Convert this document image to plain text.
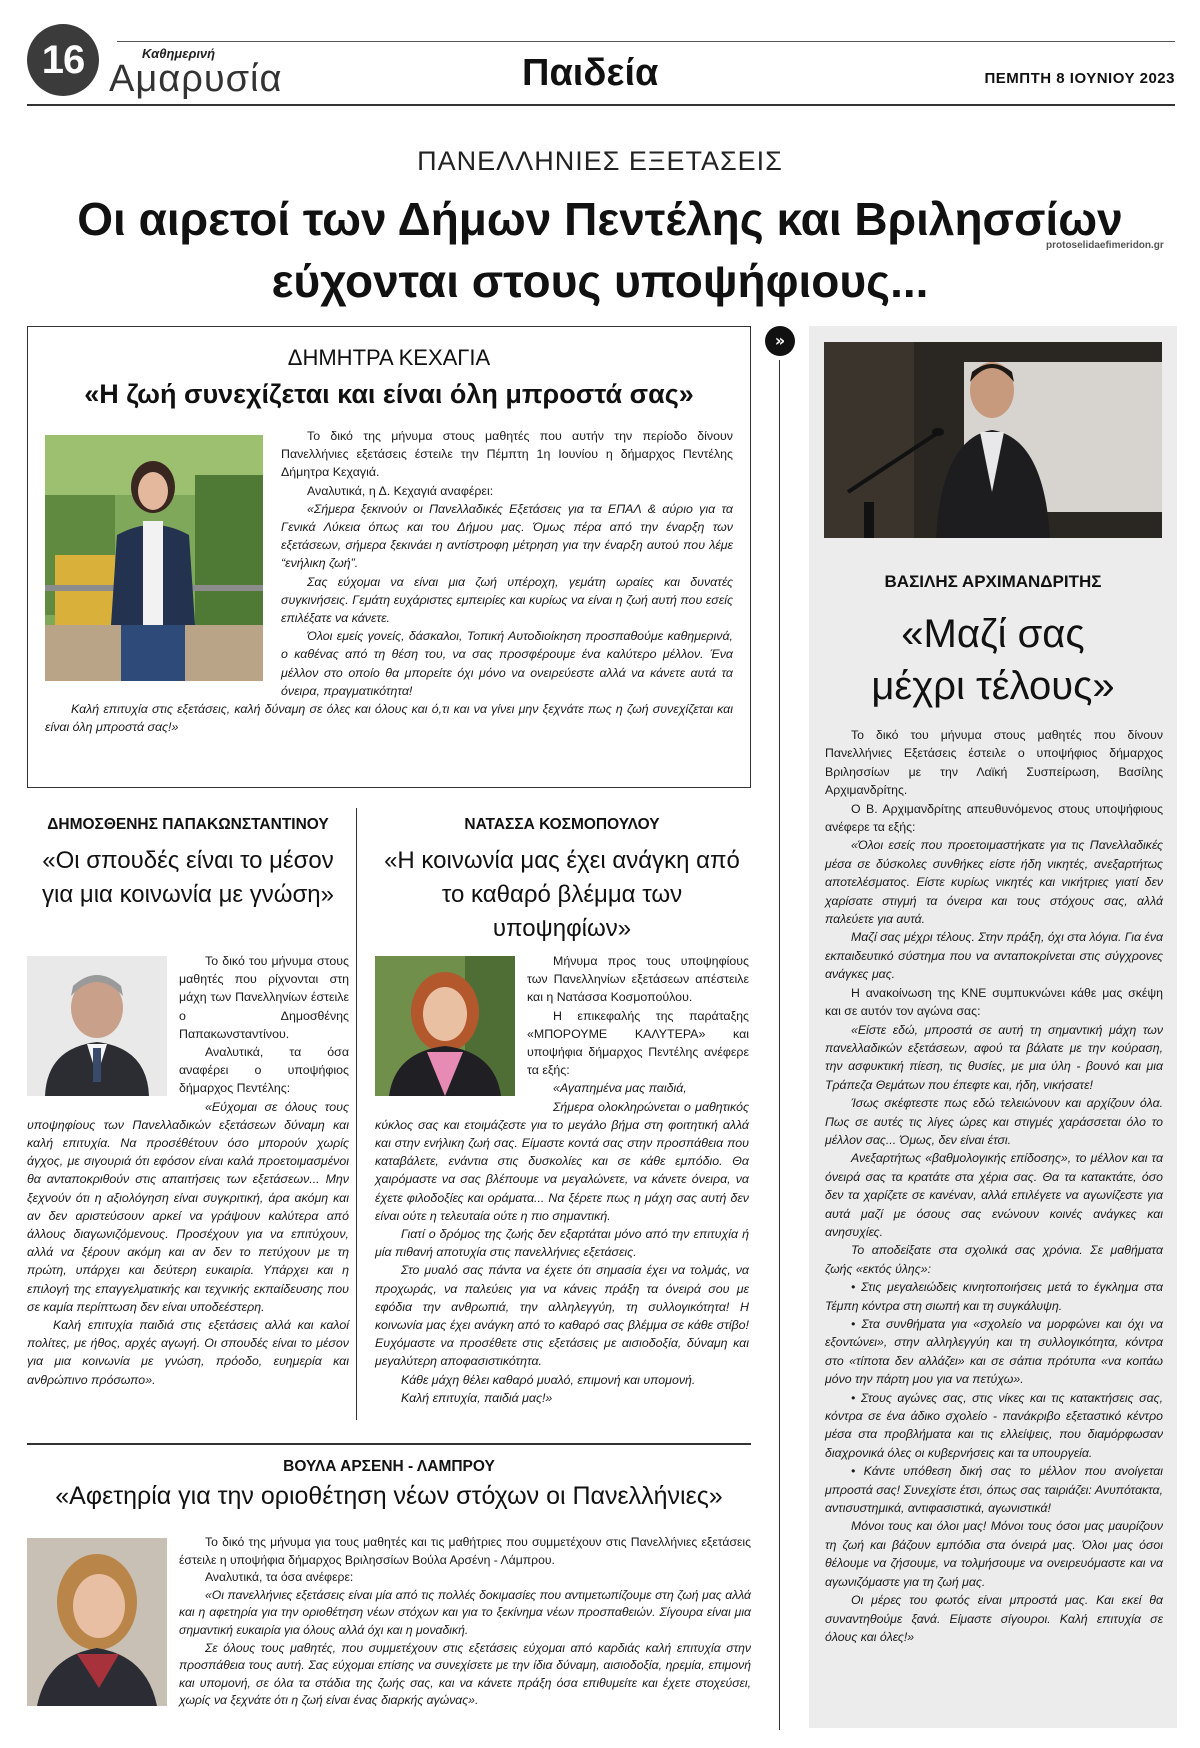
16	Καθημερινή
Αμαρυσία	Παιδεία	ΠΕΜΠΤΗ 8 ΙΟΥΝΙΟΥ 2023
ΠΑΝΕΛΛΗΝΙΕΣ ΕΞΕΤΑΣΕΙΣ
Οι αιρετοί των Δήμων Πεντέλης και Βριλησσίων
εύχονται στους υποψήφιους...
protoselidaefimeridon.gr
ΔΗΜΗΤΡΑ ΚΕΧΑΓΙΑ
«Η ζωή συνεχίζεται και είναι όλη μπροστά σας»

Το δικό της μήνυμα στους μαθητές που αυτήν την περίοδο δίνουν Πανελλήνιες εξετάσεις έστειλε την Πέμπτη 1η Ιουνίου η δήμαρχος Πεντέλης Δήμητρα Κεχαγιά.

Αναλυτικά, η Δ. Κεχαγιά αναφέρει:

«Σήμερα ξεκινούν οι Πανελλαδικές Εξετάσεις για τα ΕΠΑΛ & αύριο για τα Γενικά Λύκεια όπως και του Δήμου μας. Όμως πέρα από την έναρξη των εξετάσεων, σήμερα ξεκινάει η αντίστροφη μέτρηση για την έναρξη αυτού που λέμε “ενήλικη ζωή”.

Σας εύχομαι να είναι μια ζωή υπέροχη, γεμάτη ωραίες και δυνατές συγκινήσεις. Γεμάτη ευχάριστες εμπειρίες και κυρίως να είναι η ζωή αυτή που εσείς επιλέξατε να κάνετε.

Όλοι εμείς γονείς, δάσκαλοι, Τοπική Αυτοδιοίκηση προσπαθούμε καθημερινά, ο καθένας από τη θέση του, να σας προσφέρουμε ένα καλύτερο μέλλον. Ένα μέλλον στο οποίο θα μπορείτε όχι μόνο να ονειρεύεστε αλλά να κάνετε αυτά τα όνειρα, πραγματικότητα!

Καλή επιτυχία στις εξετάσεις, καλή δύναμη σε όλες και όλους και ό,τι και να γίνει μην ξεχνάτε πως η ζωή συνεχίζεται και είναι όλη μπροστά σας!»

ΔΗΜΟΣΘΕΝΗΣ ΠΑΠΑΚΩΝΣΤΑΝΤΙΝΟΥ
«Οι σπουδές είναι το μέσον για μια κοινωνία με γνώση»

Το δικό του μήνυμα στους μαθητές που ρίχνονται στη μάχη των Πανελληνίων έστειλε ο Δημοσθένης Παπακωνσταντίνου.

Αναλυτικά, τα όσα αναφέρει ο υποψήφιος δήμαρχος Πεντέλης:

«Εύχομαι σε όλους τους υποψηφίους των Πανελλαδικών εξετάσεων δύναμη και καλή επιτυχία. Να προσέθέτουν όσο μπορούν χωρίς άγχος, με σιγουριά ότι εφόσον είναι καλά προετοιμασμένοι θα ανταποκριθούν στις απαιτήσεις των εξετάσεων... Μην ξεχνούν ότι η αξιολόγηση είναι συγκριτική, άρα ακόμη και αν δεν αριστεύσουν αρκεί να γράψουν καλύτερα από άλλους διαγωνιζόμενους. Προσέχουν για να επιτύχουν, αλλά να ξέρουν ακόμη και αν δεν το πετύχουν με τη πρώτη, υπάρχει και δεύτερη ευκαιρία. Υπάρχει και η επιλογή της επαγγελματικής και τεχνικής εκπαίδευσης που σε καμία περίπτωση δεν είναι υποδεέστερη.

Καλή επιτυχία παιδιά στις εξετάσεις αλλά και καλοί πολίτες, με ήθος, αρχές αγωγή. Οι σπουδές είναι το μέσον για μια κοινωνία με γνώση, πρόοδο, ευημερία και ανθρώπινο πρόσωπο».

ΝΑΤΑΣΣΑ ΚΟΣΜΟΠΟΥΛΟΥ
«Η κοινωνία μας έχει ανάγκη από το καθαρό βλέμμα των υποψηφίων»

Μήνυμα προς τους υποψηφίους των Πανελληνίων εξετάσεων απέστειλε και η Νατάσσα Κοσμοπούλου.

Η επικεφαλής της παράταξης «ΜΠΟΡΟΥΜΕ ΚΑΛΥΤΕΡΑ» και υποψήφια δήμαρχος Πεντέλης ανέφερε τα εξής:

«Αγαπημένα μας παιδιά,

Σήμερα ολοκληρώνεται ο μαθητικός κύκλος σας και ετοιμάζεστε για το μεγάλο βήμα στη φοιτητική αλλά και στην ενήλικη ζωή σας. Είμαστε κοντά σας στην προσπάθεια που καταβάλετε, ενάντια στις δυσκολίες και σε κάθε εμπόδιο. Θα χαιρόμαστε να σας βλέπουμε να μεγαλώνετε, να κάνετε όνειρα, να έχετε φιλοδοξίες και οράματα... Να ξέρετε πως η μάχη σας αυτή δεν είναι ούτε η τελευταία ούτε η πιο σημαντική.

Γιατί ο δρόμος της ζωής δεν εξαρτάται μόνο από την επιτυχία ή μία πιθανή αποτυχία στις πανελλήνιες εξετάσεις.

Στο μυαλό σας πάντα να έχετε ότι σημασία έχει να τολμάς, να προχωράς, να παλεύεις για να κάνεις πράξη τα όνειρά σου με εφόδια την ανθρωπιά, την αλληλεγγύη, τη συλλογικότητα! Η κοινωνία μας έχει ανάγκη από το καθαρό σας βλέμμα σε κάθε στίβο! Ευχόμαστε να προσέθετε στις εξετάσεις με αισιοδοξία, δύναμη και μεγαλύτερη αποφασιστικότητα.

Κάθε μάχη θέλει καθαρό μυαλό, επιμονή και υπομονή.

Καλή επιτυχία, παιδιά μας!»

ΒΟΥΛΑ ΑΡΣΕΝΗ - ΛΑΜΠΡΟΥ
«Αφετηρία για την οριοθέτηση νέων στόχων οι Πανελλήνιες»

Το δικό της μήνυμα για τους μαθητές και τις μαθήτριες που συμμετέχουν στις Πανελλήνιες εξετάσεις έστειλε η υποψήφια δήμαρχος Βριλησσίων Βούλα Αρσένη - Λάμπρου.

Αναλυτικά, τα όσα ανέφερε:

«Οι πανελλήνιες εξετάσεις είναι μία από τις πολλές δοκιμασίες που αντιμετωπίζουμε στη ζωή μας αλλά και η αφετηρία για την οριοθέτηση νέων στόχων και για το ξεκίνημα νέων προσπαθειών. Σίγουρα είναι μια σημαντική ευκαιρία για όλους αλλά όχι και η μοναδική.

Σε όλους τους μαθητές, που συμμετέχουν στις εξετάσεις εύχομαι από καρδιάς καλή επιτυχία στην προσπάθεια τους αυτή. Σας εύχομαι επίσης να συνεχίσετε με την ίδια δύναμη, αισιοδοξία, ηρεμία, επιμονή και υπομονή, σε όλα τα στάδια της ζωής σας, και να κάνετε πράξη όσα επιθυμείτε και έχετε στοχεύσει, χωρίς να ξεχνάτε ότι η ζωή είναι ένας διαρκής αγώνας».

»
ΒΑΣΙΛΗΣ ΑΡΧΙΜΑΝΔΡΙΤΗΣ
«Μαζί σας
μέχρι τέλους»

Το δικό του μήνυμα στους μαθητές που δίνουν Πανελλήνιες Εξετάσεις έστειλε ο υποψήφιος δήμαρχος Βριλησσίων με την Λαϊκή Συσπείρωση, Βασίλης Αρχιμανδρίτης.

Ο Β. Αρχιμανδρίτης απευθυνόμενος στους υποψήφιους ανέφερε τα εξής:

«Όλοι εσείς που προετοιμαστήκατε για τις Πανελλαδικές μέσα σε δύσκολες συνθήκες είστε ήδη νικητές, ανεξαρτήτως αποτελέσματος. Είστε κυρίως νικητές και νικήτριες γιατί δεν χαρίσατε στιγμή τα όνειρα και τους στόχους σας, αλλά παλεύετε για αυτά.

Μαζί σας μέχρι τέλους. Στην πράξη, όχι στα λόγια. Για ένα εκπαιδευτικό σύστημα που να ανταποκρίνεται στις σύγχρονες ανάγκες μας.

Η ανακοίνωση της ΚΝΕ συμπυκνώνει κάθε μας σκέψη και σε αυτόν τον αγώνα σας:

«Είστε εδώ, μπροστά σε αυτή τη σημαντική μάχη των πανελλαδικών εξετάσεων, αφού τα βάλατε με την κούραση, την ασφυκτική πίεση, τις θυσίες, με μια ύλη - βουνό και μια Τράπεζα Θεμάτων που έπεφτε και, ήδη, νικήσατε!

Ίσως σκέφτεστε πως εδώ τελειώνουν και αρχίζουν όλα. Πως σε αυτές τις λίγες ώρες και στιγμές χαράσσεται όλο το μέλλον σας... Όμως, δεν είναι έτσι.

Ανεξαρτήτως «βαθμολογικής επίδοσης», το μέλλον και τα όνειρά σας τα κρατάτε στα χέρια σας. Θα τα κατακτάτε, όσο δεν τα χαρίζετε σε κανέναν, αλλά επιλέγετε να αγωνίζεστε για αυτά μαζί με όσους σας ενώνουν κοινές ανάγκες και ανησυχίες.

Το αποδείξατε στα σχολικά σας χρόνια. Σε μαθήματα ζωής «εκτός ύλης»:

• Στις μεγαλειώδεις κινητοποιήσεις μετά το έγκλημα στα Τέμπη κόντρα στη σιωπή και τη συγκάλυψη.

• Στα συνθήματα για «σχολείο να μορφώνει και όχι να εξοντώνει», στην αλληλεγγύη και τη συλλογικότητα, κόντρα στο «τίποτα δεν αλλάζει» και σε σάπια πρότυπα «να κοιτάω μόνο την πάρτη μου για να πετύχω».

• Στους αγώνες σας, στις νίκες και τις κατακτήσεις σας, κόντρα σε ένα άδικο σχολείο - πανάκριβο εξεταστικό κέντρο μέσα στα προβλήματα και τις ελλείψεις, που διαμόρφωσαν διαχρονικά όλες οι κυβερνήσεις και τα υπουργεία.

• Κάντε υπόθεση δική σας το μέλλον που ανοίγεται μπροστά σας! Συνεχίστε έτσι, όπως σας ταιριάζει: Ανυπότακτα, αντισυστημικά, αντιφασιστικά, αγωνιστικά!

Μόνοι τους και όλοι μας! Μόνοι τους όσοι μας μαυρίζουν τη ζωή και βάζουν εμπόδια στα όνειρά μας. Όλοι μας όσοι θέλουμε να ζήσουμε, να τολμήσουμε να ονειρευόμαστε και να αγωνιζόμαστε για τη ζωή μας.

Οι μέρες του φωτός είναι μπροστά μας. Και εκεί θα συναντηθούμε ξανά. Είμαστε σίγουροι. Καλή επιτυχία σε όλους και όλες!»
